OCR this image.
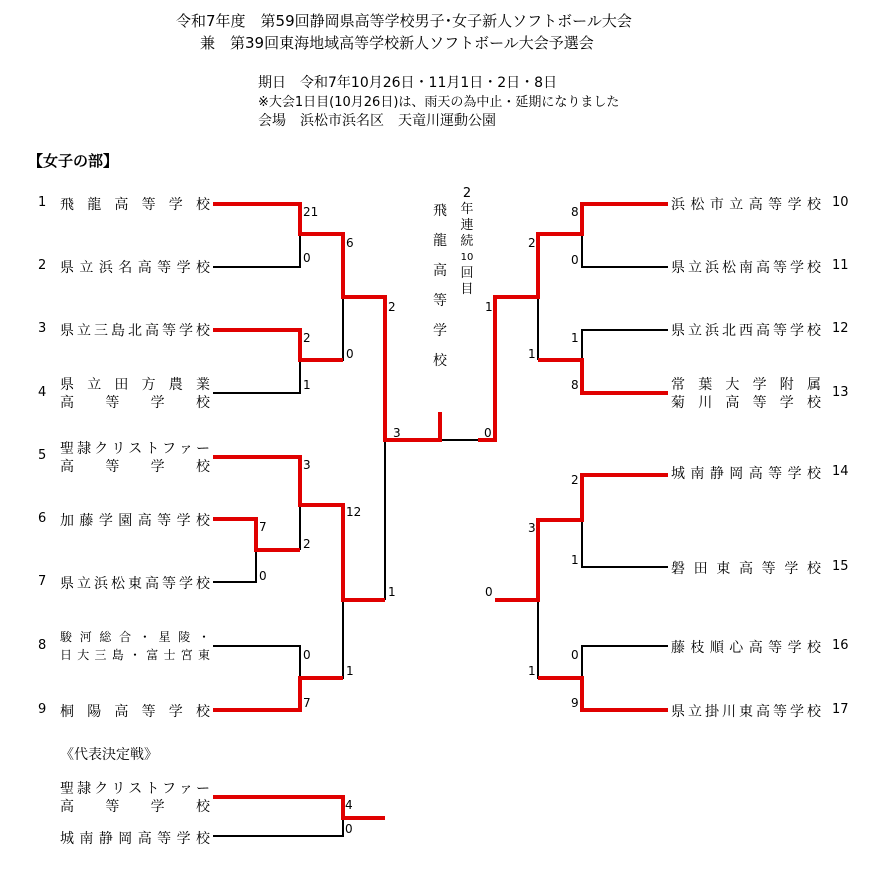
令和7年度　第59回静岡県高等学校男子･女子新人ソフトボール大会
兼　第39回東海地域高等学校新人ソフトボール大会予選会
期日　令和7年10月26日・11月1日・2日・8日
※大会1日目(10月26日)は、雨天の為中止・延期になりました
会場　浜松市浜名区　天竜川運動公園
【女子の部】
1 飛龍高等学校
2 県立浜名高等学校
3 県立三島北高等学校
4 県立田方農業
高等学校
5 聖隷クリストファー
高等学校
6 加藤学園高等学校
7 県立浜松東高等学校
8
駿河総合・星陵・
日大三島・富士宮東
9 桐陽高等学校
浜松市立高等学校 10
県立浜松南高等学校 11
県立浜北西高等学校 12
常葉大学附属
菊川高等学校
13
城南静岡高等学校 14
磐田東高等学校 15
藤枝順心高等学校 16
県立掛川東高等学校 17
21
0
2
1
7
0
0
7
6
0
3
2
2
1
12
1
3
8
0
1
8
2
1
2
1
0
9
3
1
1
0
0
飛
龍
高
等
学
校
2
年
連
続
10
回
目
《代表決定戦》
聖隷クリストファー
高等学校
城南静岡高等学校
4
0
